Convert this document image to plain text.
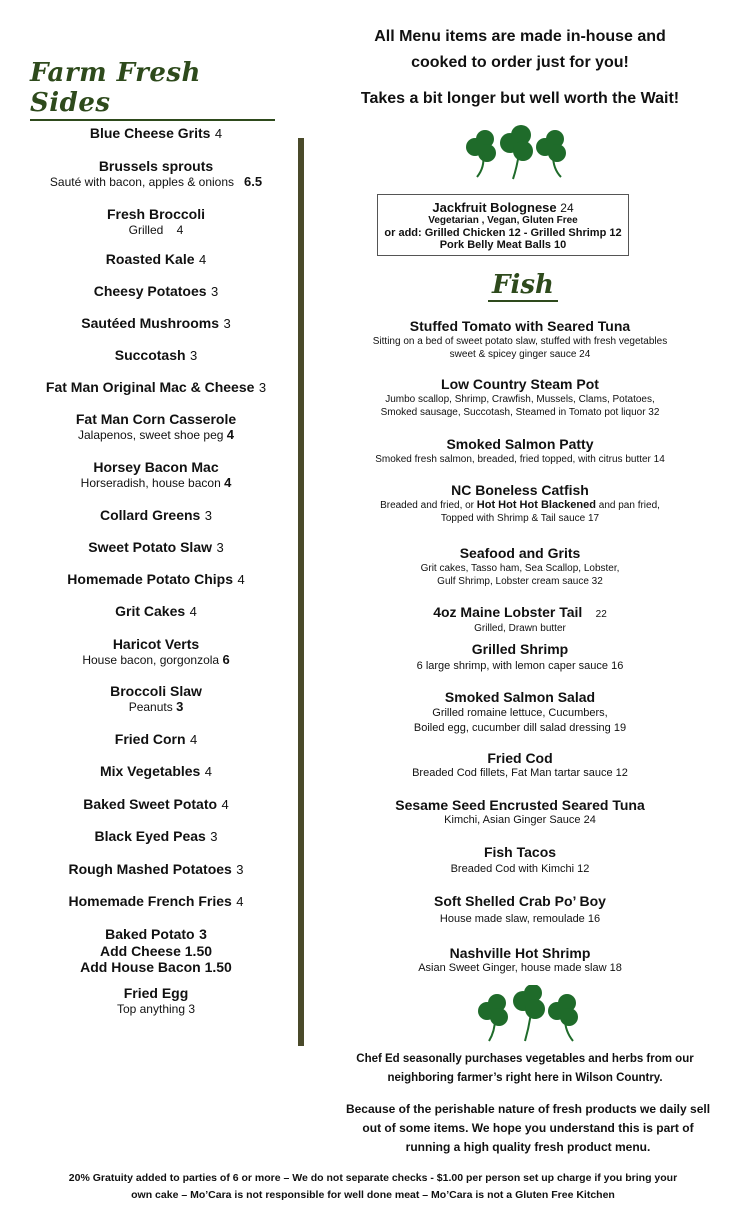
Farm Fresh Sides
Blue Cheese Grits 4
Brussels sprouts
Sauté with bacon, apples & onions 6.5
Fresh Broccoli
Grilled 4
Roasted Kale 4
Cheesy Potatoes 3
Sautéed Mushrooms 3
Succotash 3
Fat Man Original Mac & Cheese 3
Fat Man Corn Casserole
Jalapenos, sweet shoe peg 4
Horsey Bacon Mac
Horseradish, house bacon 4
Collard Greens 3
Sweet Potato Slaw 3
Homemade Potato Chips 4
Grit Cakes 4
Haricot Verts
House bacon, gorgonzola 6
Broccoli Slaw
Peanuts 3
Fried Corn 4
Mix Vegetables 4
Baked Sweet Potato 4
Black Eyed Peas 3
Rough Mashed Potatoes 3
Homemade French Fries 4
Baked Potato 3
Add Cheese 1.50
Add House Bacon 1.50
Fried Egg
Top anything 3
All Menu items are made in-house and
cooked to order just for you!
Takes a bit longer but well worth the Wait!
Jackfruit Bolognese 24
Vegetarian , Vegan, Gluten Free
or add: Grilled Chicken 12 - Grilled Shrimp 12
Pork Belly Meat Balls 10
Fish
Stuffed Tomato with Seared Tuna
Sitting on a bed of sweet potato slaw, stuffed with fresh vegetables
sweet & spicey ginger sauce 24
Low Country Steam Pot
Jumbo scallop, Shrimp, Crawfish, Mussels, Clams, Potatoes,
Smoked sausage, Succotash, Steamed in Tomato pot liquor 32
Smoked Salmon Patty
Smoked fresh salmon, breaded, fried topped, with citrus butter 14
NC Boneless Catfish
Breaded and fried, or Hot Hot Hot Blackened and pan fried,
Topped with Shrimp & Tail sauce 17
Seafood and Grits
Grit cakes, Tasso ham, Sea Scallop, Lobster,
Gulf Shrimp, Lobster cream sauce 32
4oz Maine Lobster Tail 22
Grilled, Drawn butter
Grilled Shrimp
6 large shrimp, with lemon caper sauce 16
Smoked Salmon Salad
Grilled romaine lettuce, Cucumbers,
Boiled egg, cucumber dill salad dressing 19
Fried Cod
Breaded Cod fillets, Fat Man tartar sauce 12
Sesame Seed Encrusted Seared Tuna
Kimchi, Asian Ginger Sauce 24
Fish Tacos
Breaded Cod with Kimchi 12
Soft Shelled Crab Po’ Boy
House made slaw, remoulade 16
Nashville Hot Shrimp
Asian Sweet Ginger, house made slaw 18
Chef Ed seasonally purchases vegetables and herbs from our
neighboring farmer’s right here in Wilson Country.
Because of the perishable nature of fresh products we daily sell
out of some items. We hope you understand this is part of
running a high quality fresh product menu.
20% Gratuity added to parties of 6 or more – We do not separate checks - $1.00 per person set up charge if you bring your
own cake – Mo’Cara is not responsible for well done meat – Mo’Cara is not a Gluten Free Kitchen
